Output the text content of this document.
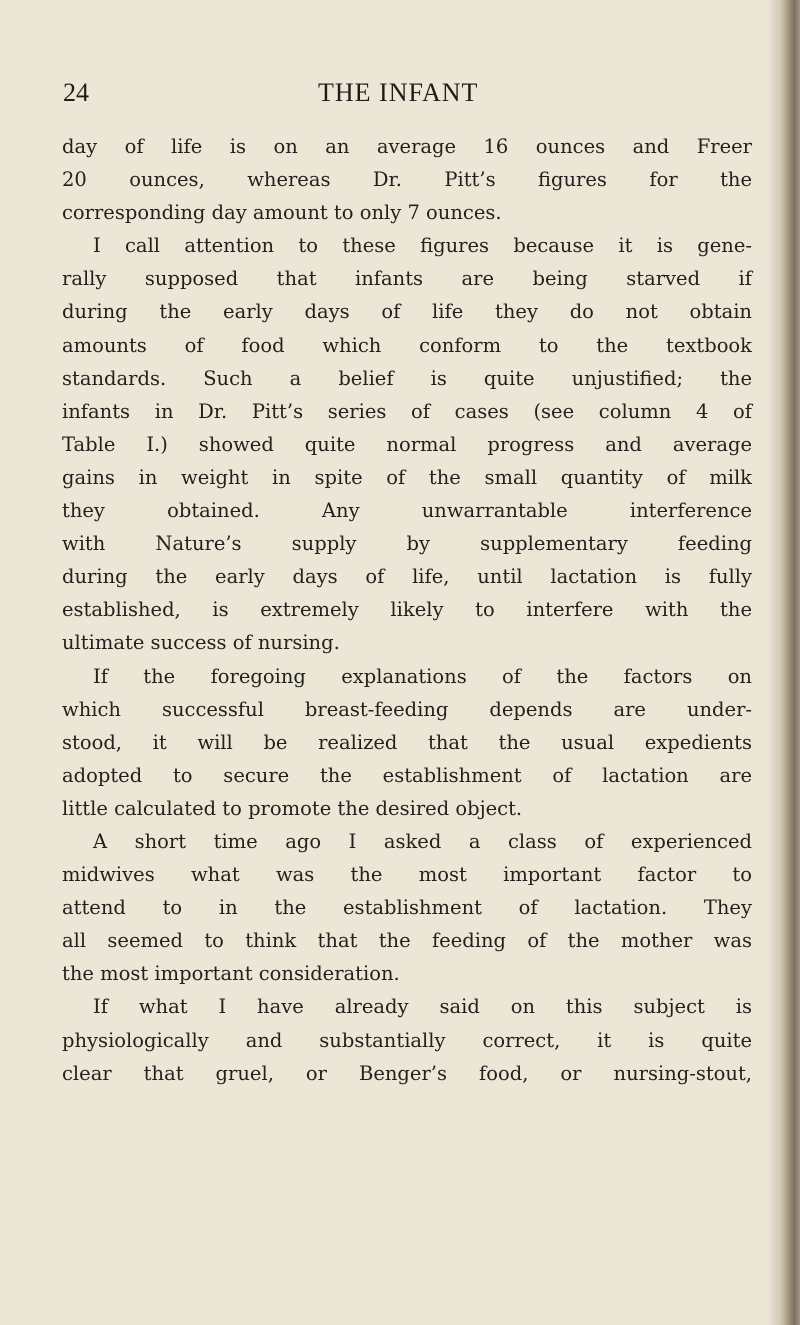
24	THE INFANT
day of life is on an average 16 ounces and Freer
20 ounces, whereas Dr. Pitt’s figures for the
corresponding day amount to only 7 ounces.
I call attention to these figures because it is gene-
rally supposed that infants are being starved if
during the early days of life they do not obtain
amounts of food which conform to the textbook
standards. Such a belief is quite unjustified; the
infants in Dr. Pitt’s series of cases (see column 4 of
Table I.) showed quite normal progress and average
gains in weight in spite of the small quantity of milk
they obtained. Any unwarrantable interference
with Nature’s supply by supplementary feeding
during the early days of life, until lactation is fully
established, is extremely likely to interfere with the
ultimate success of nursing.
If the foregoing explanations of the factors on
which successful breast-feeding depends are under-
stood, it will be realized that the usual expedients
adopted to secure the establishment of lactation are
little calculated to promote the desired object.
A short time ago I asked a class of experienced
midwives what was the most important factor to
attend to in the establishment of lactation. They
all seemed to think that the feeding of the mother was
the most important consideration.
If what I have already said on this subject is
physiologically and substantially correct, it is quite
clear that gruel, or Benger’s food, or nursing-stout,
